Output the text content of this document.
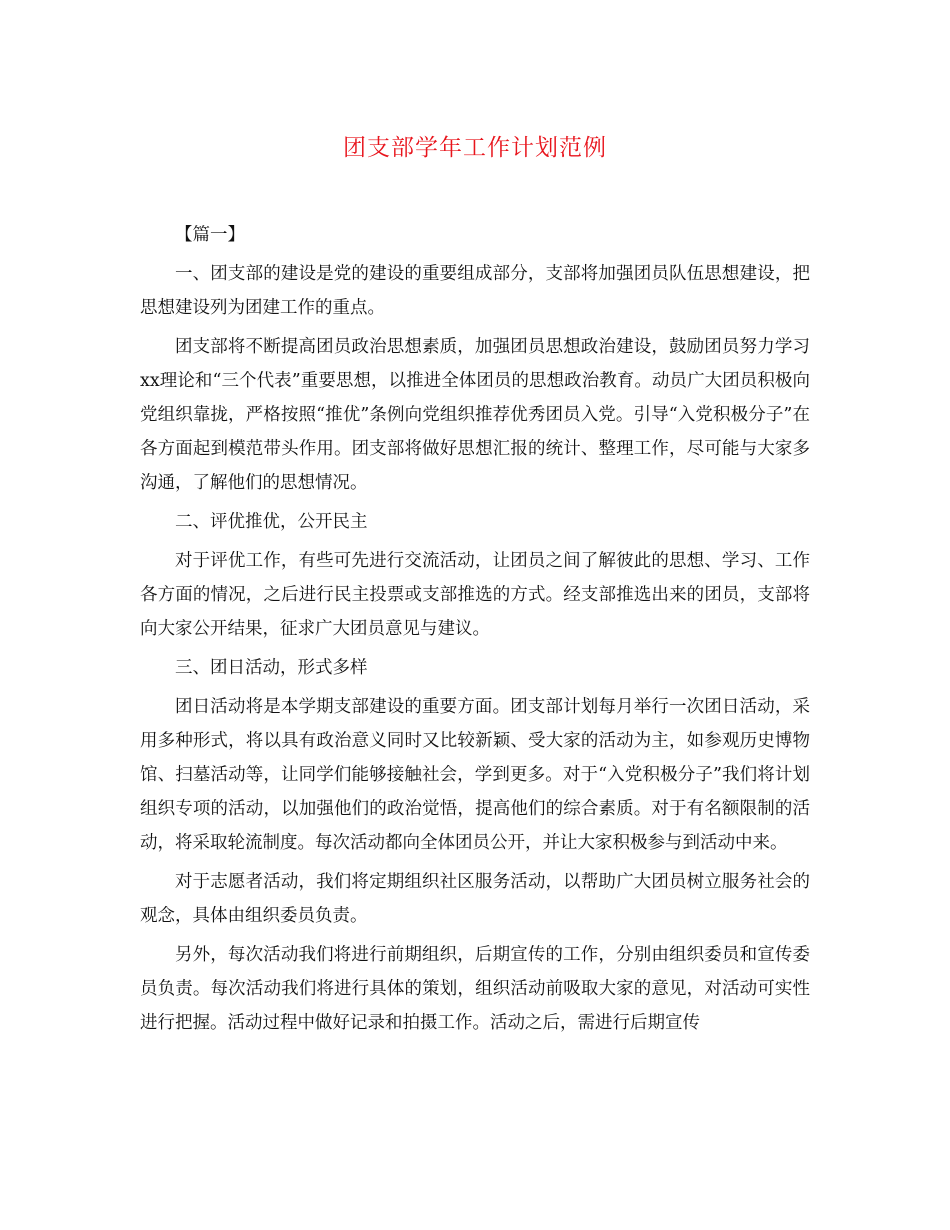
团支部学年工作计划范例

【篇一】

一、团支部的建设是党的建设的重要组成部分，支部将加强团员队伍思想建设，把思想建设列为团建工作的重点。

团支部将不断提高团员政治思想素质，加强团员思想政治建设，鼓励团员努力学习xx理论和“三个代表”重要思想，以推进全体团员的思想政治教育。动员广大团员积极向党组织靠拢，严格按照“推优”条例向党组织推荐优秀团员入党。引导“入党积极分子”在各方面起到模范带头作用。团支部将做好思想汇报的统计、整理工作，尽可能与大家多沟通，了解他们的思想情况。

二、评优推优，公开民主

对于评优工作，有些可先进行交流活动，让团员之间了解彼此的思想、学习、工作各方面的情况，之后进行民主投票或支部推选的方式。经支部推选出来的团员，支部将向大家公开结果，征求广大团员意见与建议。

三、团日活动，形式多样

团日活动将是本学期支部建设的重要方面。团支部计划每月举行一次团日活动，采用多种形式，将以具有政治意义同时又比较新颖、受大家的活动为主，如参观历史博物馆、扫墓活动等，让同学们能够接触社会，学到更多。对于“入党积极分子”我们将计划组织专项的活动，以加强他们的政治觉悟，提高他们的综合素质。对于有名额限制的活动，将采取轮流制度。每次活动都向全体团员公开，并让大家积极参与到活动中来。

对于志愿者活动，我们将定期组织社区服务活动，以帮助广大团员树立服务社会的观念，具体由组织委员负责。

另外，每次活动我们将进行前期组织，后期宣传的工作，分别由组织委员和宣传委员负责。每次活动我们将进行具体的策划，组织活动前吸取大家的意见，对活动可实性进行把握。活动过程中做好记录和拍摄工作。活动之后，需进行后期宣传
